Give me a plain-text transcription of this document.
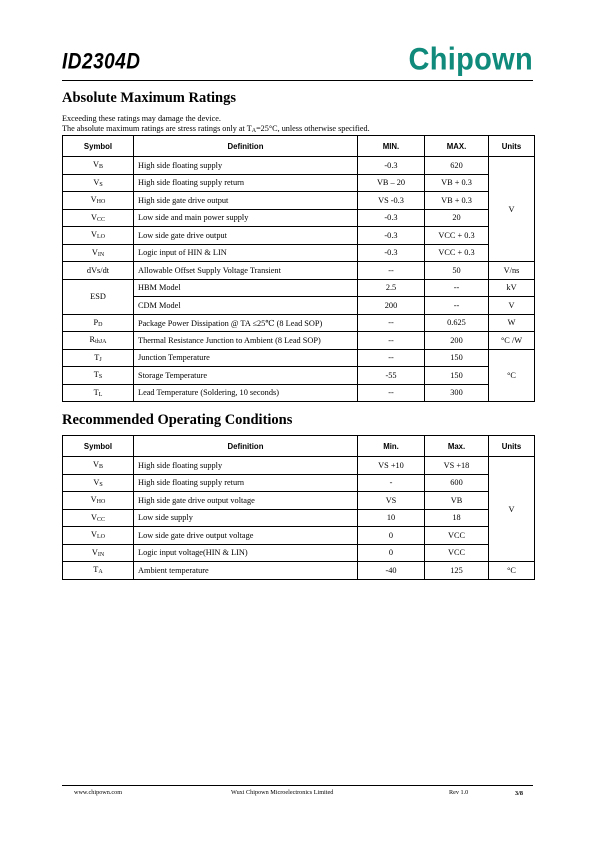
ID2304D	Chipown
Absolute Maximum Ratings
Exceeding these ratings may damage the device.
The absolute maximum ratings are stress ratings only at $T_A=25^\circ C$, unless otherwise specified.
Symbol	Definition	MIN.	MAX.	Units
$V_B$	High side floating supply	-0.3	620	V
$V_S$	High side floating supply return	VB – 20	VB + 0.3	
$V_{HO}$	High side gate drive output	VS -0.3	VB + 0.3	
$V_{CC}$	Low side and main power supply	-0.3	20	
$V_{LO}$	Low side gate drive output	-0.3	VCC + 0.3	
$V_{IN}$	Logic input of HIN & LIN	-0.3	VCC + 0.3	
dVs/dt	Allowable Offset Supply Voltage Transient	--	50	V/ns
ESD	HBM Model	2.5	--	kV
	CDM Model	200	--	V
$P_D$	Package Power Dissipation @ TA ≤25℃ (8 Lead SOP)	--	0.625	W
$R_{thJA}$	Thermal Resistance Junction to Ambient (8 Lead SOP)	--	200	°C /W
$T_J$	Junction Temperature	--	150	°C
$T_S$	Storage Temperature	-55	150	
$T_L$	Lead Temperature (Soldering, 10 seconds)	--	300	
Recommended Operating Conditions
Symbol	Definition	Min.	Max.	Units
$V_B$	High side floating supply	VS +10	VS +18	V
$V_S$	High side floating supply return	-	600	
$V_{HO}$	High side gate drive output voltage	VS	VB	
$V_{CC}$	Low side supply	10	18	
$V_{LO}$	Low side gate drive output voltage	0	VCC	
$V_{IN}$	Logic input voltage(HIN & LIN)	0	VCC	
$T_A$	Ambient temperature	-40	125	°C
www.chipown.com	Wuxi Chipown Microelectronics Limited	Rev 1.0	3/8
